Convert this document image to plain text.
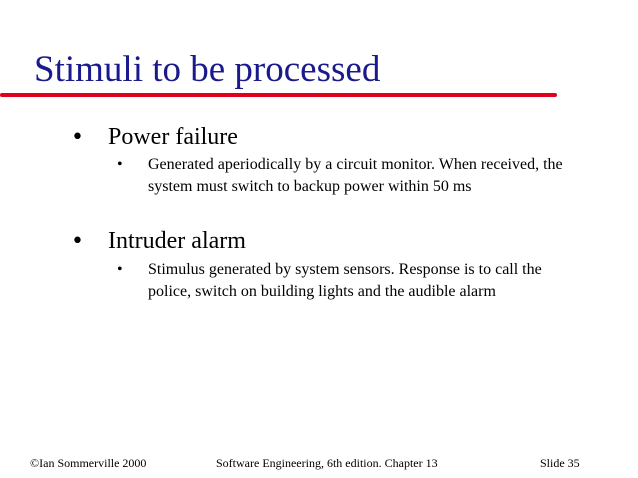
Stimuli to be processed
• Power failure
• Generated aperiodically by a circuit monitor. When received, the system must switch to backup power within 50 ms
• Intruder alarm
• Stimulus generated by system sensors. Response is to call the police, switch on building lights and the audible alarm
©Ian Sommerville 2000	Software Engineering, 6th edition. Chapter 13	Slide 35
